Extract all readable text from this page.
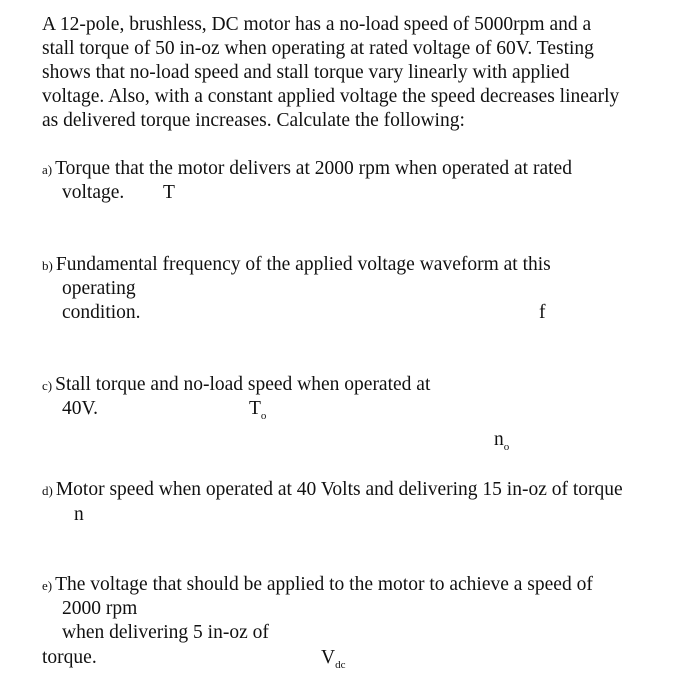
A 12-pole, brushless, DC motor has a no-load speed of 5000rpm and a
stall torque of 50 in-oz when operating at rated voltage of 60V. Testing
shows that no-load speed and stall torque vary linearly with applied
voltage. Also, with a constant applied voltage the speed decreases linearly
as delivered torque increases. Calculate the following:
a) Torque that the motor delivers at 2000 rpm when operated at rated
voltage. T
b) Fundamental frequency of the applied voltage waveform at this
operating
condition.	f
c) Stall torque and no-load speed when operated at
40V.	$T_o$
$n_o$
d) Motor speed when operated at 40 Volts and delivering 15 in-oz of torque
n
e) The voltage that should be applied to the motor to achieve a speed of
2000 rpm
when delivering 5 in-oz of
torque.	$V_{dc}$
